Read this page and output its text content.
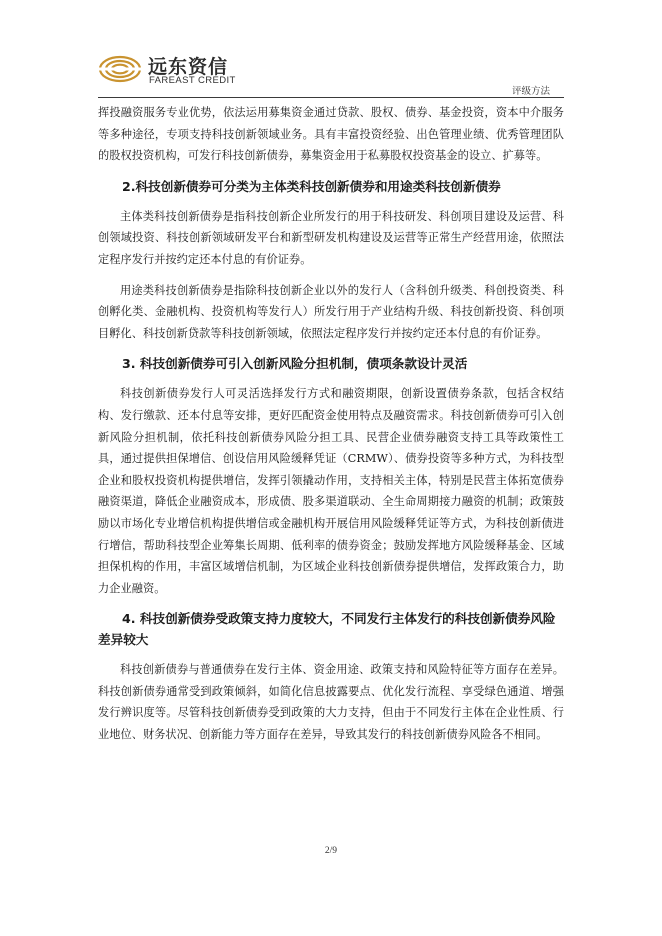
远东资信
FAREAST CREDIT
评级方法

挥投融资服务专业优势，依法运用募集资金通过贷款、股权、债券、基金投资，资本中介服务等多种途径，专项支持科技创新领域业务。具有丰富投资经验、出色管理业绩、优秀管理团队的股权投资机构，可发行科技创新债券，募集资金用于私募股权投资基金的设立、扩募等。

2.科技创新债券可分类为主体类科技创新债券和用途类科技创新债券

主体类科技创新债券是指科技创新企业所发行的用于科技研发、科创项目建设及运营、科创领域投资、科技创新领域研发平台和新型研发机构建设及运营等正常生产经营用途，依照法定程序发行并按约定还本付息的有价证券。

用途类科技创新债券是指除科技创新企业以外的发行人（含科创升级类、科创投资类、科创孵化类、金融机构、投资机构等发行人）所发行用于产业结构升级、科技创新投资、科创项目孵化、科技创新贷款等科技创新领域，依照法定程序发行并按约定还本付息的有价证券。

3. 科技创新债券可引入创新风险分担机制，债项条款设计灵活

科技创新债券发行人可灵活选择发行方式和融资期限，创新设置债券条款，包括含权结构、发行缴款、还本付息等安排，更好匹配资金使用特点及融资需求。科技创新债券可引入创新风险分担机制，依托科技创新债券风险分担工具、民营企业债券融资支持工具等政策性工具，通过提供担保增信、创设信用风险缓释凭证（CRMW）、债券投资等多种方式，为科技型企业和股权投资机构提供增信，发挥引领撬动作用，支持相关主体，特别是民营主体拓宽债券融资渠道，降低企业融资成本，形成债、股多渠道联动、全生命周期接力融资的机制；政策鼓励以市场化专业增信机构提供增信或金融机构开展信用风险缓释凭证等方式，为科技创新债进行增信，帮助科技型企业筹集长周期、低利率的债券资金；鼓励发挥地方风险缓释基金、区域担保机构的作用，丰富区域增信机制，为区域企业科技创新债券提供增信，发挥政策合力，助力企业融资。

4. 科技创新债券受政策支持力度较大，不同发行主体发行的科技创新债券风险差异较大

科技创新债券与普通债券在发行主体、资金用途、政策支持和风险特征等方面存在差异。科技创新债券通常受到政策倾斜，如简化信息披露要点、优化发行流程、享受绿色通道、增强发行辨识度等。尽管科技创新债券受到政策的大力支持，但由于不同发行主体在企业性质、行业地位、财务状况、创新能力等方面存在差异，导致其发行的科技创新债券风险各不相同。

2/9
